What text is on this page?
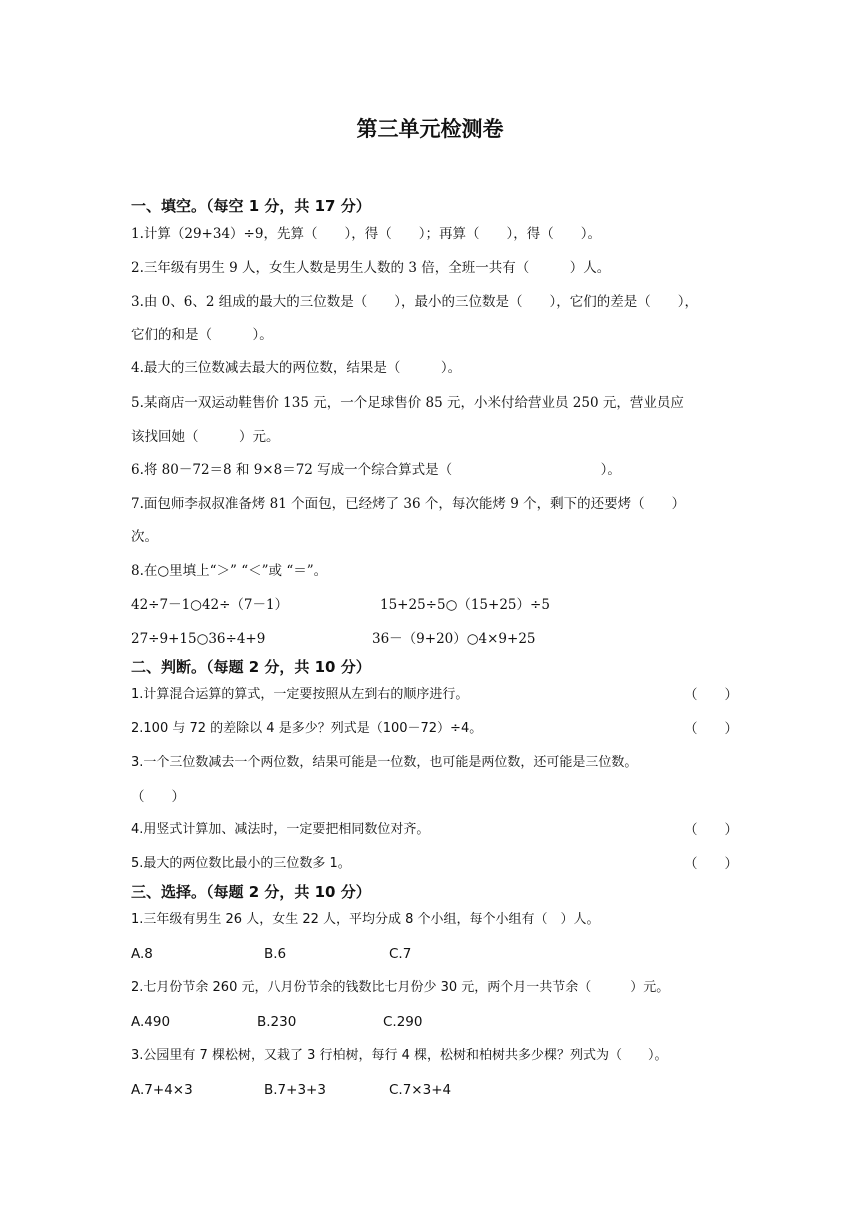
第三单元检测卷
一、填空。（每空 1 分，共 17 分）
1.计算（29+34）÷9，先算（　　），得（　　）；再算（　　），得（　　）。
2.三年级有男生 9 人，女生人数是男生人数的 3 倍，全班一共有（　　　）人。
3.由 0、6、2 组成的最大的三位数是（　　），最小的三位数是（　　），它们的差是（　　），
它们的和是（　　　）。
4.最大的三位数减去最大的两位数，结果是（　　　）。
5.某商店一双运动鞋售价 135 元，一个足球售价 85 元，小米付给营业员 250 元，营业员应
该找回她（　　　）元。
6.将 80－72＝8 和 9×8＝72 写成一个综合算式是（　　　　　　　　　　　）。
7.面包师李叔叔准备烤 81 个面包，已经烤了 36 个，每次能烤 9 个，剩下的还要烤（　　）
次。
8.在○里填上“＞” “＜”或 “＝”。
42÷7－1○42÷（7－1）	15+25÷5○（15+25）÷5
27÷9+15○36÷4+9	36－（9+20）○4×9+25
二、判断。（每题 2 分，共 10 分）
1.计算混合运算的算式，一定要按照从左到右的顺序进行。	（　　）
2.100 与 72 的差除以 4 是多少？列式是（100－72）÷4。	（　　）
3.一个三位数减去一个两位数，结果可能是一位数，也可能是两位数，还可能是三位数。
（　　）
4.用竖式计算加、减法时，一定要把相同数位对齐。	（　　）
5.最大的两位数比最小的三位数多 1。	（　　）
三、选择。（每题 2 分，共 10 分）
1.三年级有男生 26 人，女生 22 人，平均分成 8 个小组，每个小组有（　）人。
A.8	B.6	C.7
2.七月份节余 260 元，八月份节余的钱数比七月份少 30 元，两个月一共节余（　　　）元。
A.490	B.230	C.290
3.公园里有 7 棵松树，又栽了 3 行柏树，每行 4 棵，松树和柏树共多少棵？列式为（　　）。
A.7+4×3	B.7+3+3	C.7×3+4
